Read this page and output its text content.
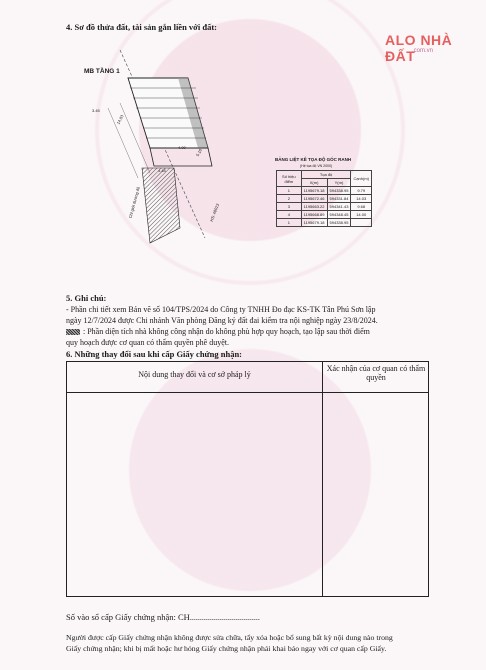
ALO NHÀ ĐẤT
.com.vn
4. Sơ đồ thửa đất, tài sản gắn liền với đất:
MB TẦNG 1
14.03
4.00
4.44
5.10
3.45
Chỉ giới đường đỏ	HS: 48023
BẢNG LIỆT KÊ TỌA ĐỘ GÓC RANH
(Hệ tọa độ VN 2000)
Số hiệu điểm	Tọa độ		Cạnh(m)
	X(m)	Y(m)	
1	1195679.18	594338.95	9.79
2	1195672.46	594331.84	14.03
3	1195663.22	594341.43	9.68
4	1195668.89	594348.45	14.00
1	1195679.18	594338.95	
5. Ghi chú:
- Phần chi tiết xem Bản vẽ số 104/TPS/2024 do Công ty TNHH Đo đạc KS-TK Tân Phú Sơn lập
ngày 12/7/2024 được Chi nhánh Văn phòng Đăng ký đất đai kiểm tra nội nghiệp ngày 23/8/2024.
: Phần diện tích nhà không công nhận do không phù hợp quy hoạch, tạo lập sau thời điểm
quy hoạch được cơ quan có thẩm quyền phê duyệt.
6. Những thay đổi sau khi cấp Giấy chứng nhận:
Nội dung thay đổi và cơ sở pháp lý
Xác nhận của cơ quan có thẩm quyền
Số vào sổ cấp Giấy chứng nhận: CH...................................
Người được cấp Giấy chứng nhận không được sửa chữa, tẩy xóa hoặc bổ sung bất kỳ nội dung nào trong
Giấy chứng nhận; khi bị mất hoặc hư hỏng Giấy chứng nhận phải khai báo ngay với cơ quan cấp Giấy.
